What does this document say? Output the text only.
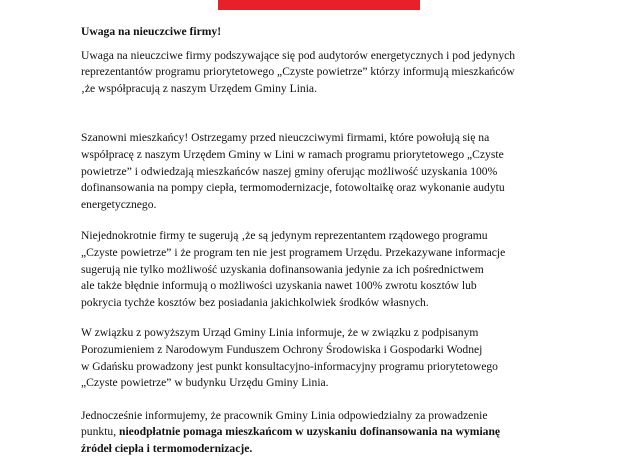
Uwaga na nieuczciwe firmy!

Uwaga na nieuczciwe firmy podszywające się pod audytorów energetycznych i pod jedynych
reprezentantów programu priorytetowego „Czyste powietrze” którzy informują mieszkańców
‚że współpracują z naszym Urzędem Gminy Linia.

Szanowni mieszkańcy! Ostrzegamy przed nieuczciwymi firmami, które powołują się na
współpracę z naszym Urzędem Gminy w Lini w ramach programu priorytetowego „Czyste
powietrze” i odwiedzają mieszkańców naszej gminy oferując możliwość uzyskania 100%
dofinansowania na pompy ciepła, termomodernizacje, fotowoltaikę oraz wykonanie audytu
energetycznego.

Niejednokrotnie firmy te sugerują ‚że są jedynym reprezentantem rządowego programu
„Czyste powietrze” i że program ten nie jest programem Urzędu. Przekazywane informacje
sugerują nie tylko możliwość uzyskania dofinansowania jedynie za ich pośrednictwem
ale także błędnie informują o możliwości uzyskania nawet 100% zwrotu kosztów lub
pokrycia tychże kosztów bez posiadania jakichkolwiek środków własnych.

W związku z powyższym Urząd Gminy Linia informuje, że w związku z podpisanym
Porozumieniem z Narodowym Funduszem Ochrony Środowiska i Gospodarki Wodnej
w Gdańsku prowadzony jest punkt konsultacyjno-informacyjny programu priorytetowego
„Czyste powietrze” w budynku Urzędu Gminy Linia.

Jednocześnie informujemy, że pracownik Gminy Linia odpowiedzialny za prowadzenie
punktu, nieodpłatnie pomaga mieszkańcom w uzyskaniu dofinansowania na wymianę
źródeł ciepła i termomodernizacje.
